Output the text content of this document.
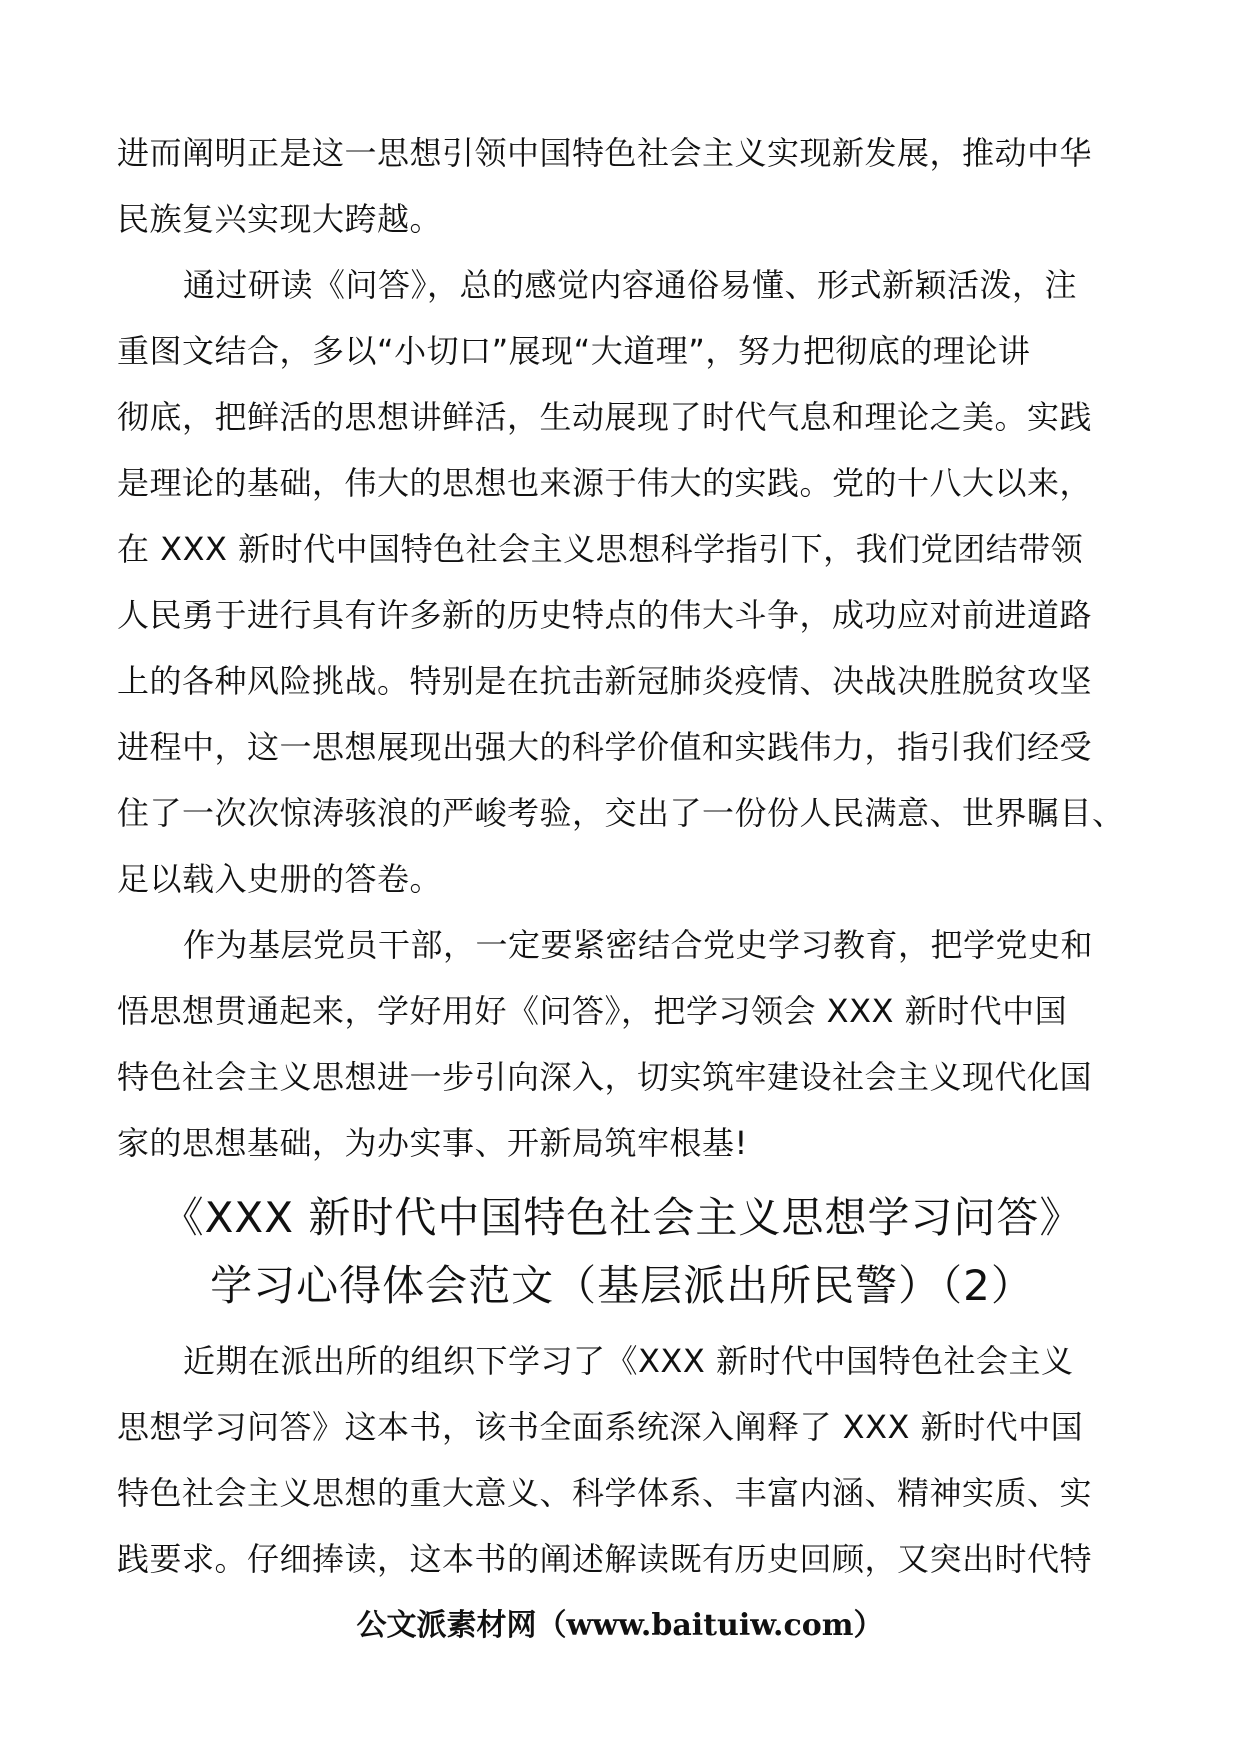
进而阐明正是这一思想引领中国特色社会主义实现新发展，推动中华
民族复兴实现大跨越。
通过研读《问答》，总的感觉内容通俗易懂、形式新颖活泼，注
重图文结合，多以“小切口”展现“大道理”，努力把彻底的理论讲
彻底，把鲜活的思想讲鲜活，生动展现了时代气息和理论之美。实践
是理论的基础，伟大的思想也来源于伟大的实践。党的十八大以来，
在 XXX 新时代中国特色社会主义思想科学指引下，我们党团结带领
人民勇于进行具有许多新的历史特点的伟大斗争，成功应对前进道路
上的各种风险挑战。特别是在抗击新冠肺炎疫情、决战决胜脱贫攻坚
进程中，这一思想展现出强大的科学价值和实践伟力，指引我们经受
住了一次次惊涛骇浪的严峻考验，交出了一份份人民满意、世界瞩目、
足以载入史册的答卷。
作为基层党员干部，一定要紧密结合党史学习教育，把学党史和
悟思想贯通起来，学好用好《问答》，把学习领会 XXX 新时代中国
特色社会主义思想进一步引向深入，切实筑牢建设社会主义现代化国
家的思想基础，为办实事、开新局筑牢根基!
《XXX 新时代中国特色社会主义思想学习问答》
学习心得体会范文（基层派出所民警）（2）
近期在派出所的组织下学习了《XXX 新时代中国特色社会主义
思想学习问答》这本书，该书全面系统深入阐释了 XXX 新时代中国
特色社会主义思想的重大意义、科学体系、丰富内涵、精神实质、实
践要求。仔细捧读，这本书的阐述解读既有历史回顾，又突出时代特
公文派素材网（www.baituiw.com）
